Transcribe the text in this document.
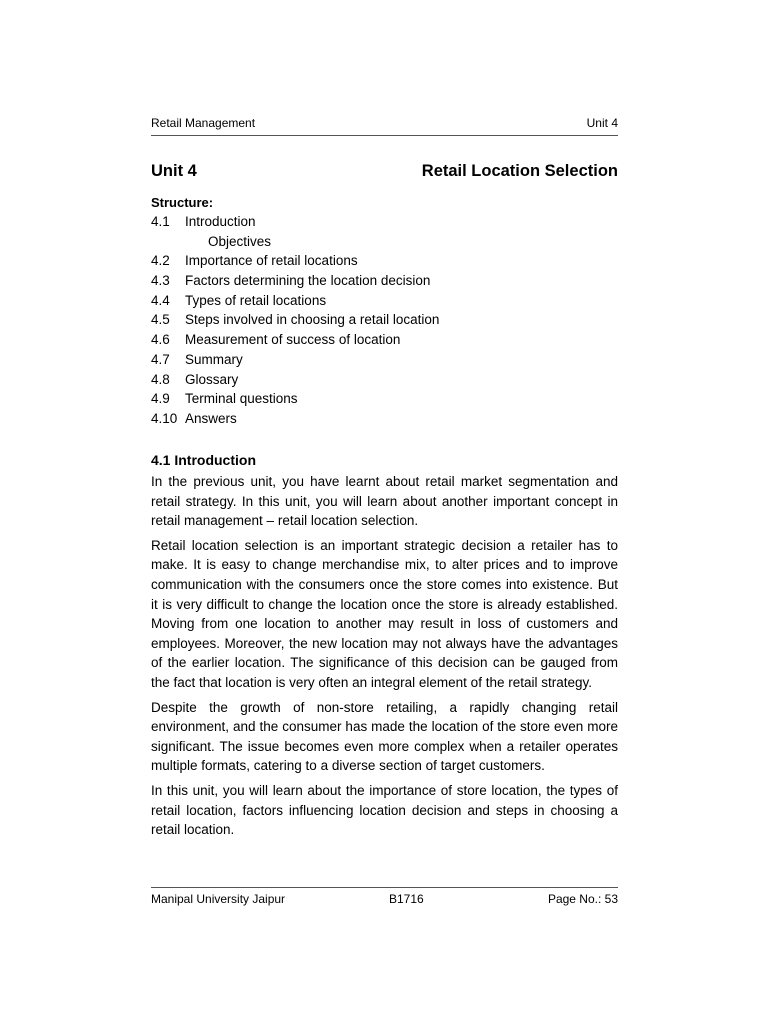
Retail Management	Unit 4
Unit 4	Retail Location Selection
Structure:
4.1	Introduction
Objectives
4.2	Importance of retail locations
4.3	Factors determining the location decision
4.4	Types of retail locations
4.5	Steps involved in choosing a retail location
4.6	Measurement of success of location
4.7	Summary
4.8	Glossary
4.9	Terminal questions
4.10 Answers
4.1 Introduction

In the previous unit, you have learnt about retail market segmentation and retail strategy. In this unit, you will learn about another important concept in retail management – retail location selection.

Retail location selection is an important strategic decision a retailer has to make. It is easy to change merchandise mix, to alter prices and to improve communication with the consumers once the store comes into existence. But it is very difficult to change the location once the store is already established. Moving from one location to another may result in loss of customers and employees. Moreover, the new location may not always have the advantages of the earlier location. The significance of this decision can be gauged from the fact that location is very often an integral element of the retail strategy.

Despite the growth of non-store retailing, a rapidly changing retail environment, and the consumer has made the location of the store even more significant. The issue becomes even more complex when a retailer operates multiple formats, catering to a diverse section of target customers.

In this unit, you will learn about the importance of store location, the types of retail location, factors influencing location decision and steps in choosing a retail location.

Manipal University Jaipur	B1716	Page No.: 53
